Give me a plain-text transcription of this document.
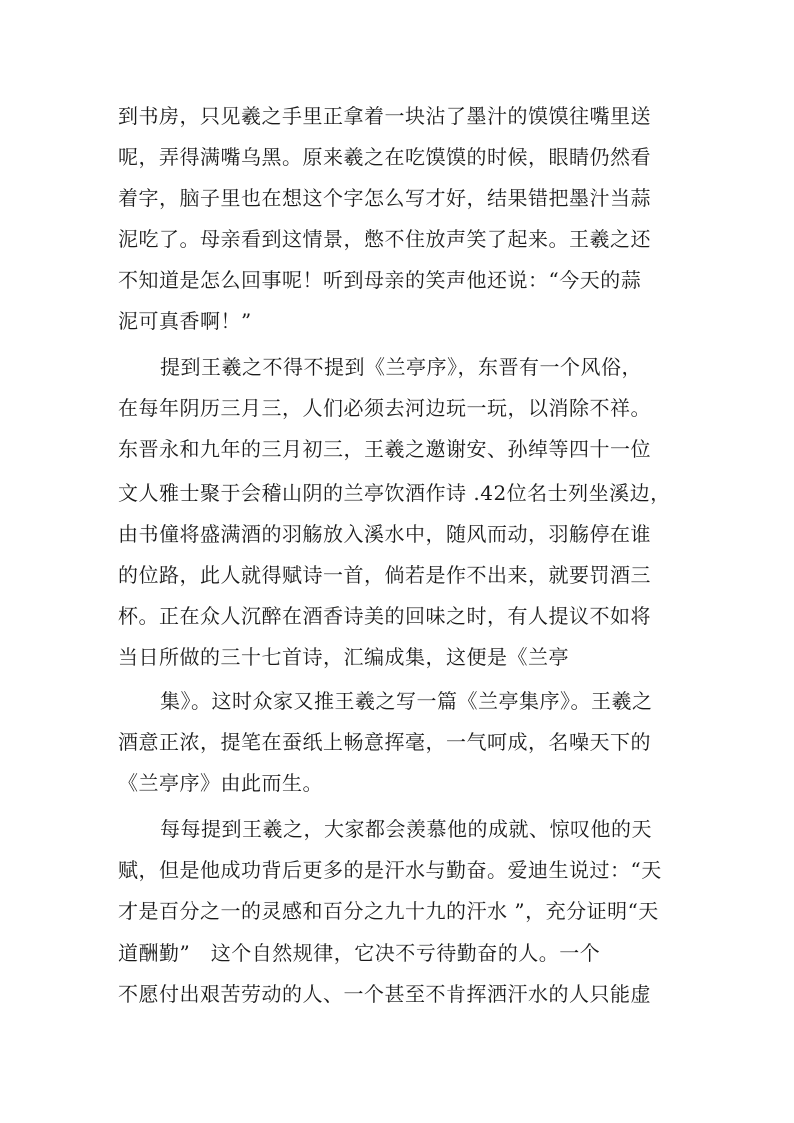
到书房，只见羲之手里正拿着一块沾了墨汁的馍馍往嘴里送
呢，弄得满嘴乌黑。原来羲之在吃馍馍的时候，眼睛仍然看
着字，脑子里也在想这个字怎么写才好，结果错把墨汁当蒜
泥吃了。母亲看到这情景，憋不住放声笑了起来。王羲之还
不知道是怎么回事呢！听到母亲的笑声他还说：“今天的蒜
泥可真香啊！”
提到王羲之不得不提到《兰亭序》，东晋有一个风俗，
在每年阴历三月三，人们必须去河边玩一玩，以消除不祥。
东晋永和九年的三月初三，王羲之邀谢安、孙绰等四十一位
文人雅士聚于会稽山阴的兰亭饮酒作诗 .42位名士列坐溪边，
由书僮将盛满酒的羽觞放入溪水中，随风而动，羽觞停在谁
的位路，此人就得赋诗一首，倘若是作不出来，就要罚酒三
杯。正在众人沉醉在酒香诗美的回味之时，有人提议不如将
当日所做的三十七首诗，汇编成集，这便是《兰亭
集》。这时众家又推王羲之写一篇《兰亭集序》。王羲之
酒意正浓，提笔在蚕纸上畅意挥毫，一气呵成，名噪天下的
《兰亭序》由此而生。
每每提到王羲之，大家都会羡慕他的成就、惊叹他的天
赋，但是他成功背后更多的是汗水与勤奋。爱迪生说过：“天
才是百分之一的灵感和百分之九十九的汗水 ”，充分证明“天
道酬勤”　这个自然规律，它决不亏待勤奋的人。一个
不愿付出艰苦劳动的人、一个甚至不肯挥洒汗水的人只能虚
